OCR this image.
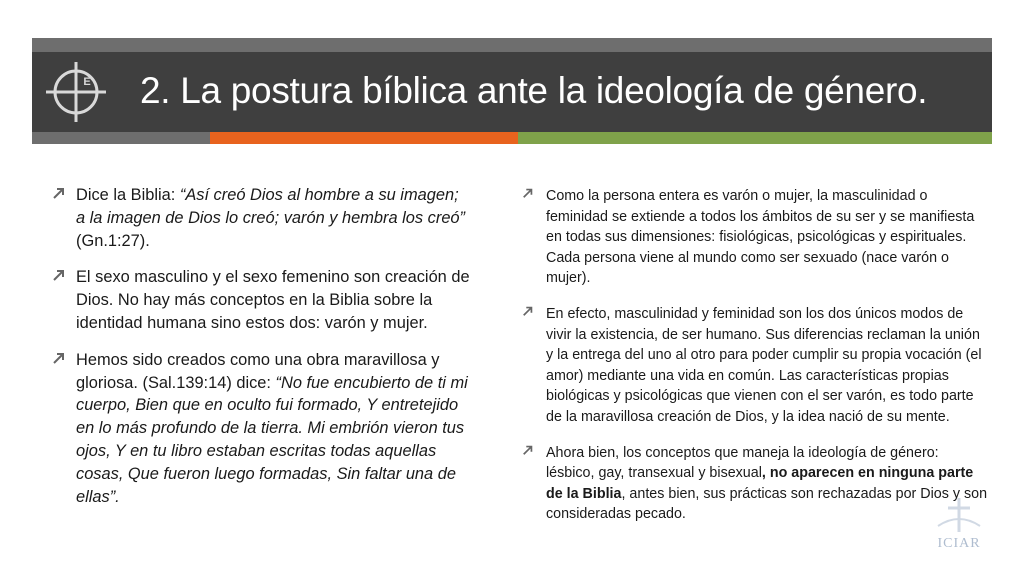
E 2. La postura bíblica ante la ideología de género.
Dice la Biblia: “Así creó Dios al hombre a su imagen; a la imagen de Dios lo creó; varón y hembra los creó” (Gn.1:27).
El sexo masculino y el sexo femenino son creación de Dios. No hay más conceptos en la Biblia sobre la identidad humana sino estos dos: varón y mujer.
Hemos sido creados como una obra maravillosa y gloriosa. (Sal.139:14) dice: “No fue encubierto de ti mi cuerpo, Bien que en oculto fui formado, Y entretejido en lo más profundo de la tierra. Mi embrión vieron tus ojos, Y en tu libro estaban escritas todas aquellas cosas, Que fueron luego formadas, Sin faltar una de ellas”.
Como la persona entera es varón o mujer, la masculinidad o feminidad se extiende a todos los ámbitos de su ser y se manifiesta en todas sus dimensiones: fisiológicas, psicológicas y espirituales. Cada persona viene al mundo como ser sexuado (nace varón o mujer).
En efecto, masculinidad y feminidad son los dos únicos modos de vivir la existencia, de ser humano. Sus diferencias reclaman la unión y la entrega del uno al otro para poder cumplir su propia vocación (el amor) mediante una vida en común. Las características propias biológicas y psicológicas que vienen con el ser varón, es todo parte de la maravillosa creación de Dios, y la idea nació de su mente.
Ahora bien, los conceptos que maneja la ideología de género: lésbico, gay, transexual y bisexual, no aparecen en ninguna parte de la Biblia, antes bien, sus prácticas son rechazadas por Dios y son consideradas pecado.
ICIAR
